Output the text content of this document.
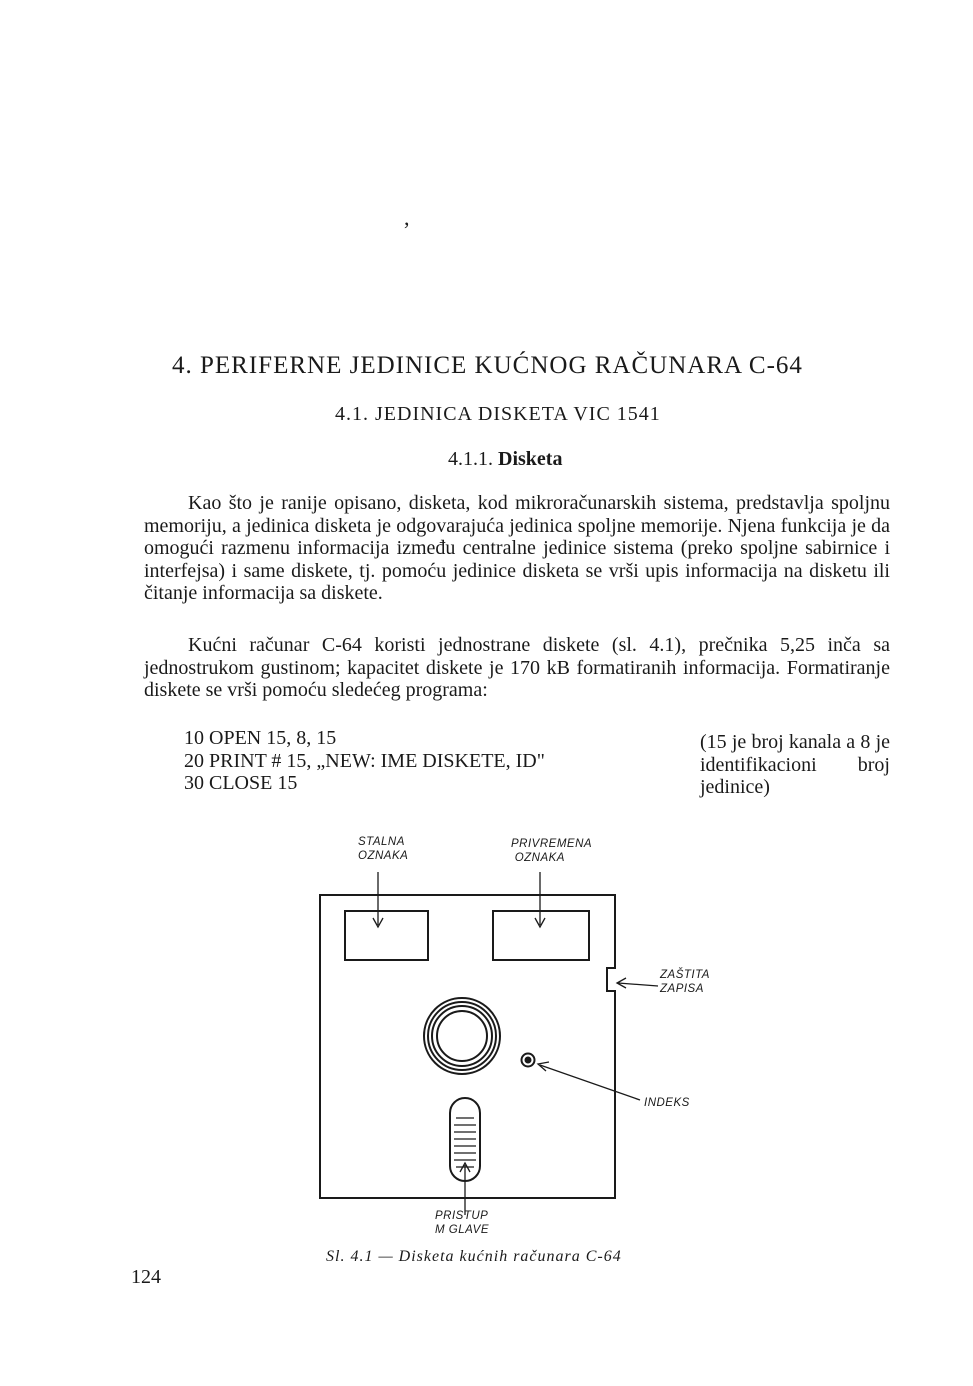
,
4. PERIFERNE JEDINICE KUĆNOG RAČUNARA C-64
4.1. JEDINICA DISKETA VIC 1541
4.1.1. Disketa
Kao što je ranije opisano, disketa, kod mikroračunarskih sistema, predstavlja spoljnu memoriju, a jedinica disketa je odgovarajuća jedinica spoljne memorije. Njena funkcija je da omogući razmenu informacija između centralne jedinice sistema (preko spoljne sabirnice i interfejsa) i same diskete, tj. pomoću jedinice disketa se vrši upis informacija na disketu ili čitanje informacija sa diskete.
Kućni računar C-64 koristi jednostrane diskete (sl. 4.1), prečnika 5,25 inča sa jednostrukom gustinom; kapacitet diskete je 170 kB formatiranih informacija. Formatiranje diskete se vrši pomoću sledećeg programa:
10 OPEN 15, 8, 15
20 PRINT # 15, „NEW: IME DISKETE, ID"
30 CLOSE 15
(15 je broj kanala a 8 je identifikacioni broj jedinice)
STALNA
OZNAKA
PRIVREMENA
OZNAKA
ZAŠTITA
ZAPISA
INDEKS
PRISTUP
M GLAVE
Sl. 4.1 — Disketa kućnih računara C-64
124
